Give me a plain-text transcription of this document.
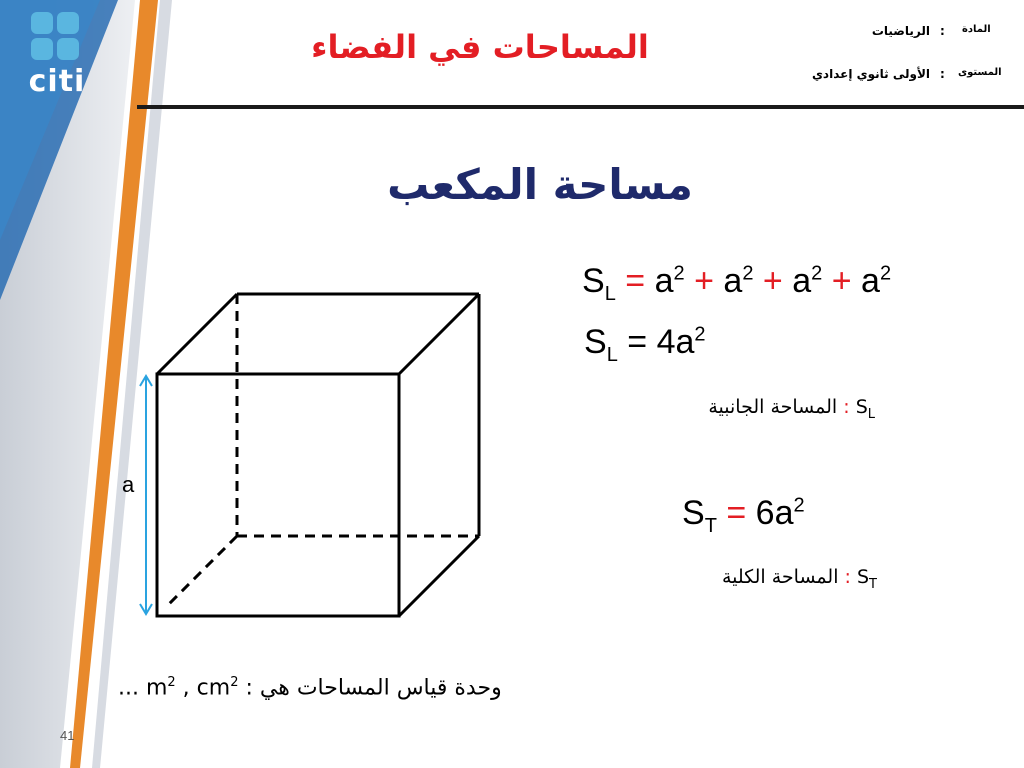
citi
المساحات في الفضاء	المادة
:
الرياضيات
المستوى
:
الأولى ثانوي إعدادي
مساحة المكعب
$S_L = a^2 + a^2 + a^2 + a^2$
$S_L = 4a^2$
المساحة الجانبية : $S_L$
$S_T = 6a^2$
المساحة الكلية : $S_T$
a
... $m^2$ , $cm^2$ : وحدة قياس المساحات هي
41
